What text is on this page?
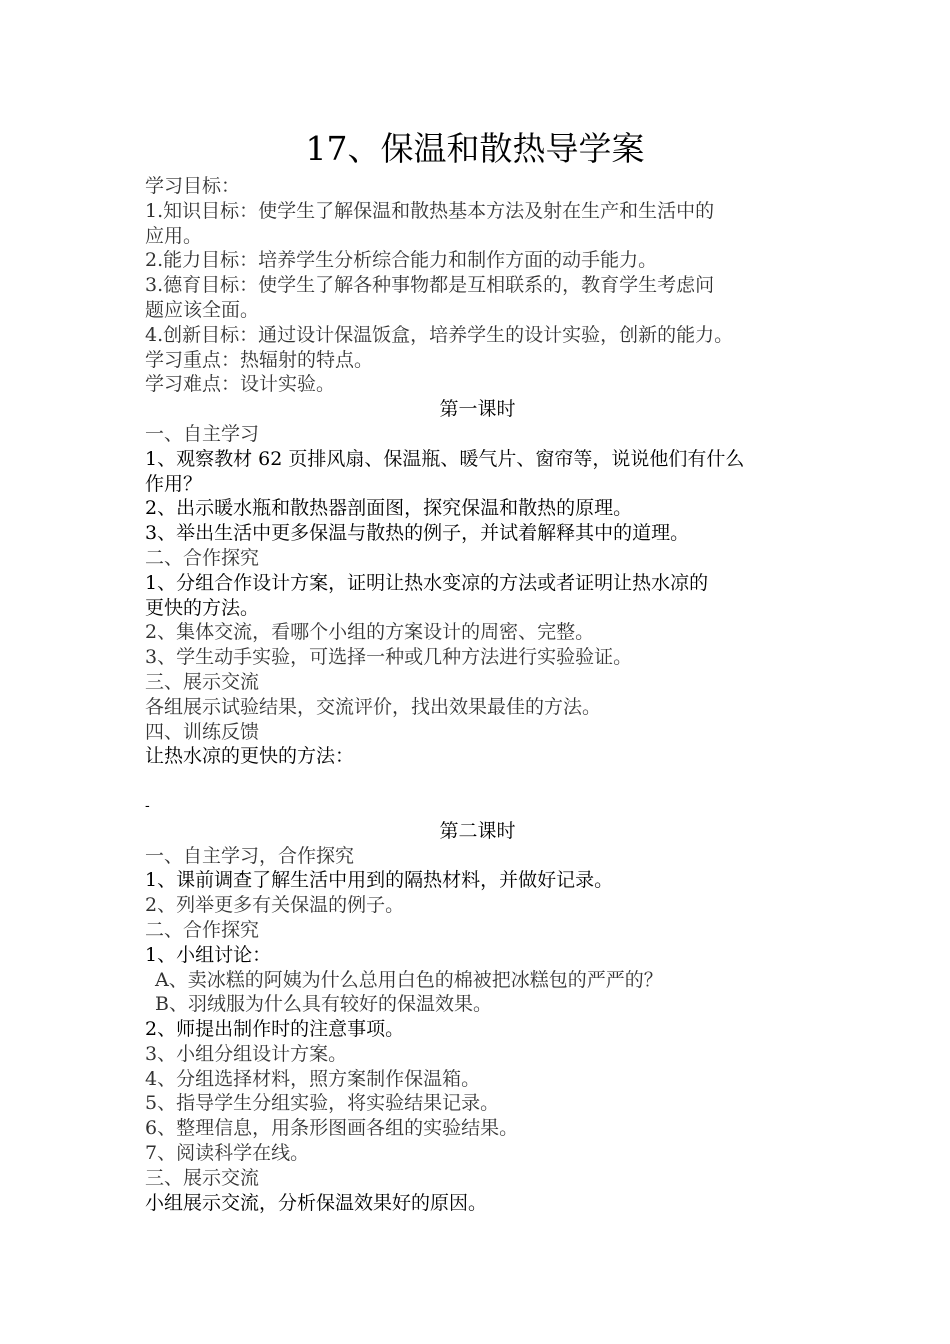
17、保温和散热导学案
学习目标：
1.知识目标：使学生了解保温和散热基本方法及射在生产和生活中的
应用。
2.能力目标：培养学生分析综合能力和制作方面的动手能力。
3.德育目标：使学生了解各种事物都是互相联系的，教育学生考虑问
题应该全面。
4.创新目标：通过设计保温饭盒，培养学生的设计实验，创新的能力。
学习重点：热辐射的特点。
学习难点：设计实验。
第一课时
一、自主学习
1、观察教材 62 页排风扇、保温瓶、暖气片、窗帘等，说说他们有什么
作用？
2、出示暖水瓶和散热器剖面图，探究保温和散热的原理。
3、举出生活中更多保温与散热的例子，并试着解释其中的道理。
二、合作探究
1、分组合作设计方案，证明让热水变凉的方法或者证明让热水凉的
更快的方法。
2、集体交流，看哪个小组的方案设计的周密、完整。
3、学生动手实验，可选择一种或几种方法进行实验验证。
三、展示交流
各组展示试验结果，交流评价，找出效果最佳的方法。
四、训练反馈
让热水凉的更快的方法：
-
第二课时
一、自主学习，合作探究
1、课前调查了解生活中用到的隔热材料，并做好记录。
2、列举更多有关保温的例子。
二、合作探究
1、小组讨论：
A、卖冰糕的阿姨为什么总用白色的棉被把冰糕包的严严的？
B、羽绒服为什么具有较好的保温效果。
2、师提出制作时的注意事项。
3、小组分组设计方案。
4、分组选择材料，照方案制作保温箱。
5、指导学生分组实验，将实验结果记录。
6、整理信息，用条形图画各组的实验结果。
7、阅读科学在线。
三、展示交流
小组展示交流，分析保温效果好的原因。
